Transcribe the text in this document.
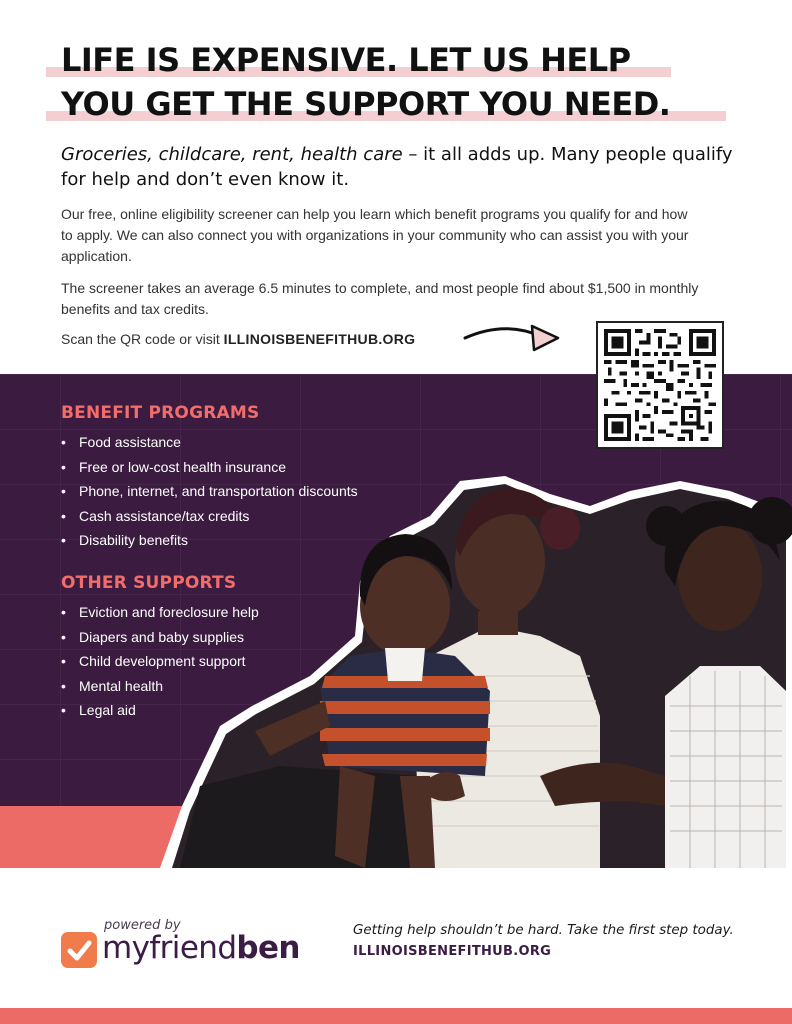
LIFE IS EXPENSIVE. LET US HELP
YOU GET THE SUPPORT YOU NEED.

Groceries, childcare, rent, health care – it all adds up. Many people qualify for help and don’t even know it.

Our free, online eligibility screener can help you learn which benefit programs you qualify for and how to apply. We can also connect you with organizations in your community who can assist you with your application.

The screener takes an average 6.5 minutes to complete, and most people find about $1,500 in monthly benefits and tax credits.

Scan the QR code or visit ILLINOISBENEFITHUB.ORG

BENEFIT PROGRAMS
• Food assistance
• Free or low-cost health insurance
• Phone, internet, and transportation discounts
• Cash assistance/tax credits
• Disability benefits
OTHER SUPPORTS
• Eviction and foreclosure help
• Diapers and baby supplies
• Child development support
• Mental health
• Legal aid
powered by
myfriendben	Getting help shouldn’t be hard. Take the first step today.

ILLINOISBENEFITHUB.ORG
